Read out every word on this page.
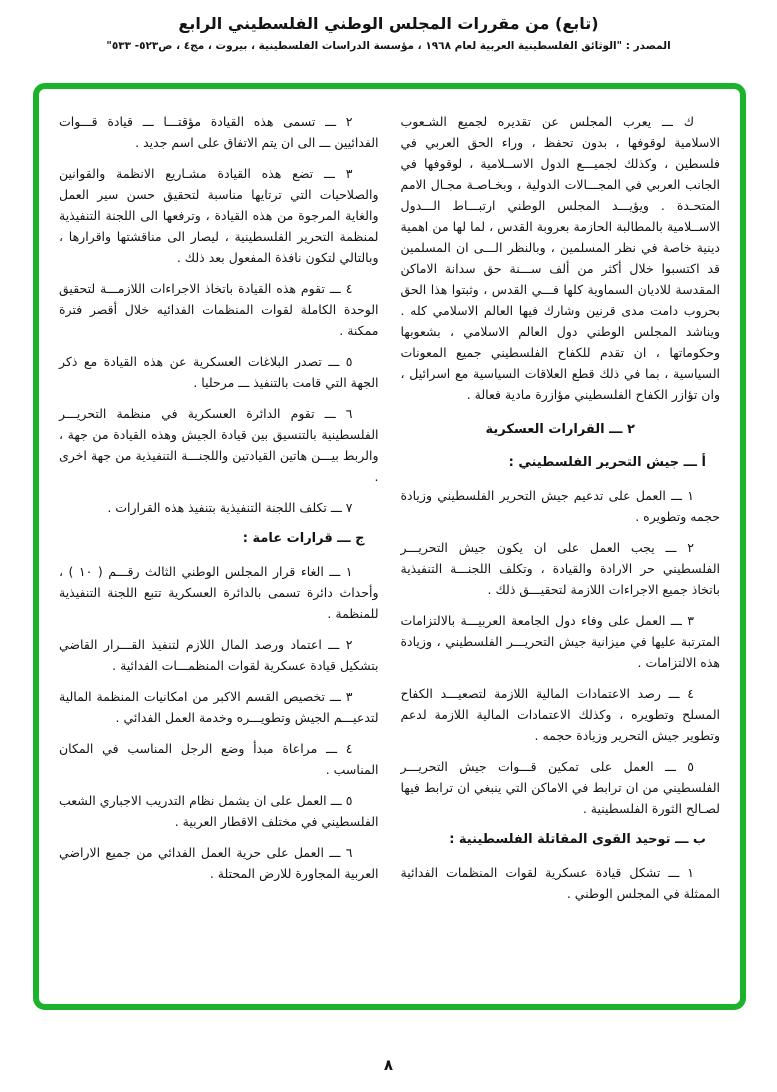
(تابع) من مقررات المجلس الوطني الفلسطيني الرابع
المصدر : "الوثائق الفلسطينية العربية لعام ١٩٦٨ ، مؤسسة الدراسات الفلسطينية ، بيروت ، مج٤ ، ص٥٢٣- ٥٣٣"

ك ـــ يعرب المجلس عن تقديره لجميع الشـعوب الاسلامية لوقوفها ، بدون تحفظ ، وراء الحق العربي في فلسطين ، وكذلك لجميـــع الدول الاســلامية ، لوقوفها في الجانب العربي في المجـــالات الدولية ، وبخـاصـة مجـال الامم المتحـدة . ويؤيـــد المجلس الوطني ارتبـــاط الـــدول الاســلامية بالمطالبة الحازمة بعروبة القدس ، لما لها من اهمية دينية خاصة في نظر المسلمين ، وبالنظر الـــى ان المسلمين قد اكتسبوا خلال أكثر من ألف ســـنة حق سدانة الاماكن المقدسة للاديان السماوية كلها فـــي القدس ، وثبتوا هذا الحق بحروب دامت مدى قرنين وشارك فيها العالم الاسلامي كله . ويناشد المجلس الوطني دول العالم الاسلامي ، بشعوبها وحكوماتها ، ان تقدم للكفاح الفلسطيني جميع المعونات السياسية ، بما في ذلك قطع العلاقات السياسية مع اسرائيل ، وان تؤازر الكفاح الفلسطيني مؤازرة مادية فعالة .

٢ ـــ القرارات العسكرية
أ ـــ جيش التحرير الفلسطيني :

١ ـــ العمل على تدعيم جيش التحرير الفلسطيني وزيادة حجمه وتطويره .

٢ ـــ يجب العمل على ان يكون جيش التحريـــر الفلسطيني حر الارادة والقيادة ، وتكلف اللجنـــة التنفيذية باتخاذ جميع الاجراءات اللازمة لتحقيـــق ذلك .

٣ ـــ العمل على وفاء دول الجامعة العربيـــة بالالتزامات المترتبة عليها في ميزانية جيش التحريـــر الفلسطيني ، وزيادة هذه الالتزامات .

٤ ـــ رصد الاعتمادات المالية اللازمة لتصعيـــد الكفاح المسلح وتطويره ، وكذلك الاعتمادات المالية اللازمة لدعم وتطوير جيش التحرير وزيادة حجمه .

٥ ـــ العمل على تمكين قـــوات جيش التحريـــر الفلسطيني من ان ترابط في الاماكن التي ينبغي ان ترابط فيها لصـالح الثورة الفلسطينية .

ب ـــ توحيد القوى المقاتلة الفلسطينية :

١ ـــ تشكل قيادة عسكرية لقوات المنظمات الفدائية الممثلة في المجلس الوطني .

٢ ـــ تسمى هذه القيادة مؤقتـــا ـــ قيادة قـــوات الفدائيين ـــ الى ان يتم الاتفاق على اسم جديد .

٣ ـــ تضع هذه القيادة مشـاريع الانظمة والقوانين والصلاحيات التي ترتايها مناسبة لتحقيق حسن سير العمل والغاية المرجوة من هذه القيادة ، وترفعها الى اللجنة التنفيذية لمنظمة التحرير الفلسطينية ، ليصار الى مناقشتها واقرارها ، وبالتالي لتكون نافذة المفعول بعد ذلك .

٤ ـــ تقوم هذه القيادة باتخاذ الاجراءات اللازمـــة لتحقيق الوحدة الكاملة لقوات المنظمات الفدائيه خلال أقصر فترة ممكنة .

٥ ـــ تصدر البلاغات العسكرية عن هذه القيادة مع ذكر الجهة التي قامت بالتنفيذ ـــ مرحليا .

٦ ـــ تقوم الدائرة العسكرية في منظمة التحريـــر الفلسطينية بالتنسيق بين قيادة الجيش وهذه القيادة من جهة ، والربط بيـــن هاتين القيادتين واللجنـــة التنفيذية من جهة اخرى .

٧ ـــ تكلف اللجنة التنفيذية بتنفيذ هذه القرارات .

ج ـــ قرارات عامة :

١ ـــ الغاء قرار المجلس الوطني الثالث رقـــم ( ١٠ ) ، وأحداث دائرة تسمى بالدائرة العسكرية تتبع اللجنة التنفيذية للمنظمة .

٢ ـــ اعتماد ورصد المال اللازم لتنفيذ القـــرار القاضي بتشكيل قيادة عسكرية لقوات المنظمـــات الفدائية .

٣ ـــ تخصيص القسم الاكبر من امكانيات المنظمة المالية لتدعيـــم الجيش وتطويـــره وخدمة العمل الفدائي .

٤ ـــ مراعاة مبدأ وضع الرجل المناسب في المكان المناسب .

٥ ـــ العمل على ان يشمل نظام التدريب الاجباري الشعب الفلسطيني في مختلف الاقطار العربية .

٦ ـــ العمل على حرية العمل الفدائي من جميع الاراضي العربية المجاورة للارض المحتلة .

٨
